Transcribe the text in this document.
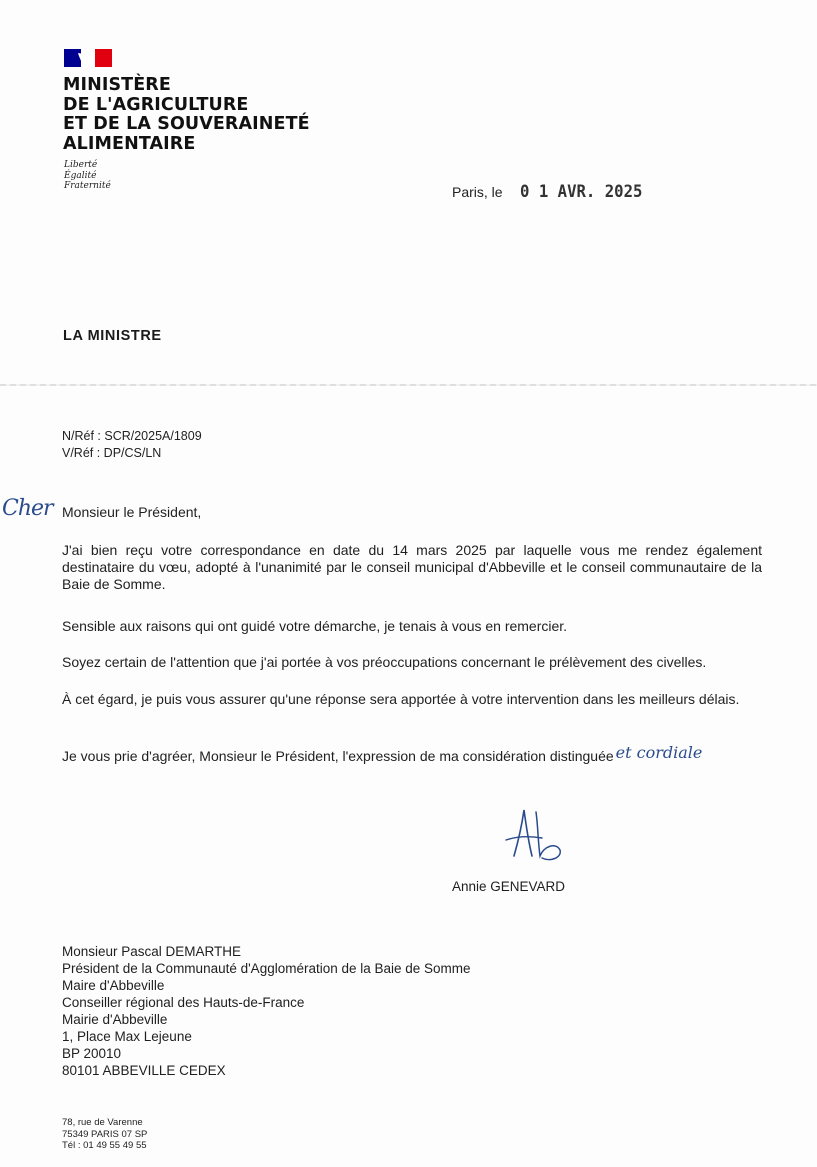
MINISTÈRE
DE L'AGRICULTURE
ET DE LA SOUVERAINETÉ
ALIMENTAIRE
Liberté
Égalité
Fraternité	Paris, le 0 1 AVR. 2025
LA MINISTRE
N/Réf : SCR/2025A/1809
V/Réf : DP/CS/LN
Cher Monsieur le Président,

J'ai bien reçu votre correspondance en date du 14 mars 2025 par laquelle vous me rendez également destinataire du vœu, adopté à l'unanimité par le conseil municipal d'Abbeville et le conseil communautaire de la Baie de Somme.

Sensible aux raisons qui ont guidé votre démarche, je tenais à vous en remercier.

Soyez certain de l'attention que j'ai portée à vos préoccupations concernant le prélèvement des civelles.

À cet égard, je puis vous assurer qu'une réponse sera apportée à votre intervention dans les meilleurs délais.

Je vous prie d'agréer, Monsieur le Président, l'expression de ma considération distinguée et cordiale

Annie GENEVARD
Monsieur Pascal DEMARTHE
Président de la Communauté d'Agglomération de la Baie de Somme
Maire d'Abbeville
Conseiller régional des Hauts-de-France
Mairie d'Abbeville
1, Place Max Lejeune
BP 20010
80101 ABBEVILLE CEDEX
78, rue de Varenne
75349 PARIS 07 SP
Tél : 01 49 55 49 55
